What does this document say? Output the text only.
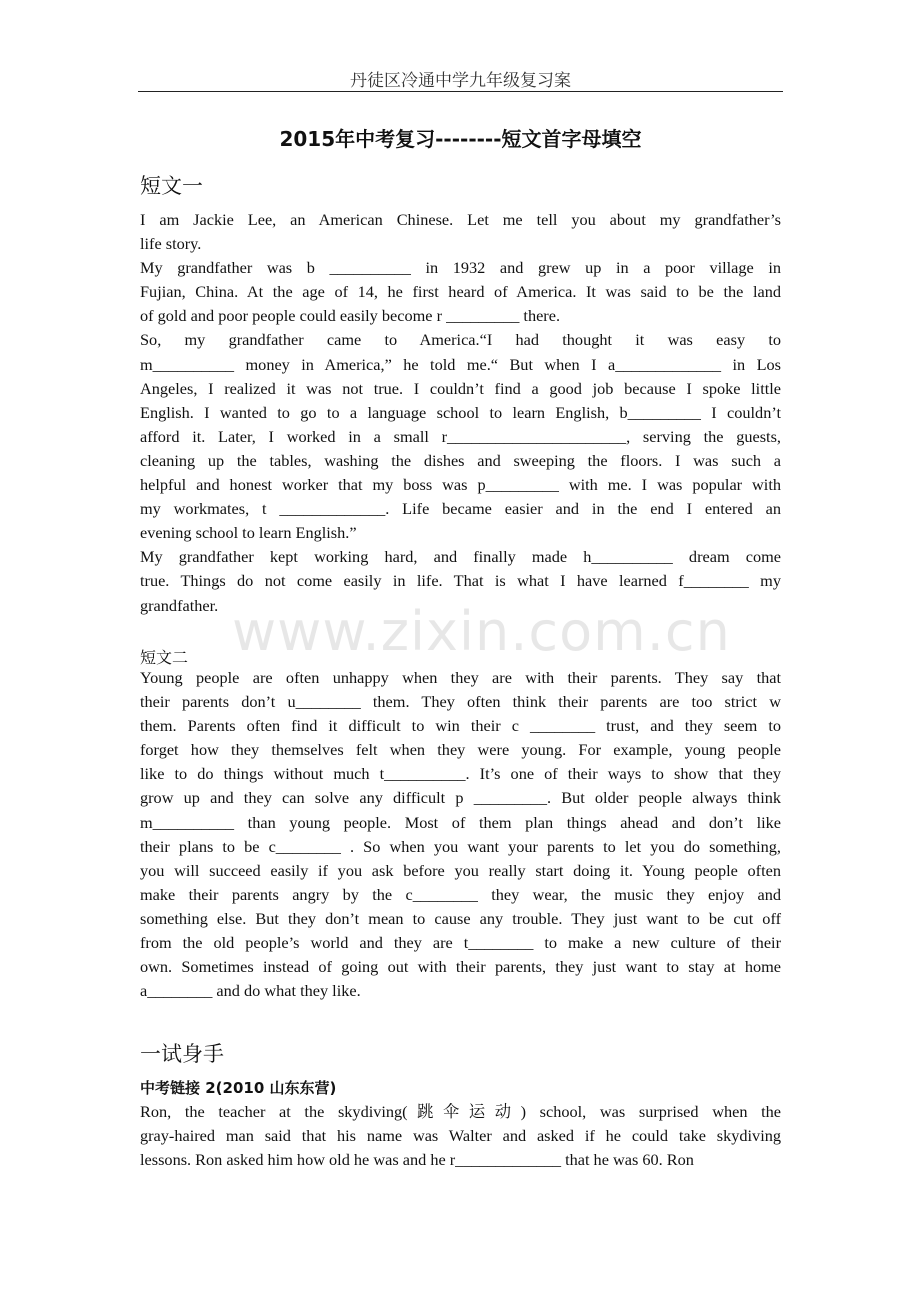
丹徒区冷通中学九年级复习案
2015年中考复习--------短文首字母填空
短文一
I am Jackie Lee, an American Chinese. Let me tell you about my grandfather’s
life story.
My grandfather was b __________ in 1932 and grew up in a poor village in
Fujian, China. At the age of 14, he first heard of America. It was said to be the land
of gold and poor people could easily become r _________ there.
So, my grandfather came to America.“I had thought it was easy to
m__________ money in America,” he told me.“ But when I a_____________ in Los
Angeles, I realized it was not true. I couldn’t find a good job because I spoke little
English. I wanted to go to a language school to learn English, b_________ I couldn’t
afford it. Later, I worked in a small r______________________, serving the guests,
cleaning up the tables, washing the dishes and sweeping the floors. I was such a
helpful and honest worker that my boss was p_________ with me. I was popular with
my workmates, t _____________. Life became easier and in the end I entered an
evening school to learn English.”
My grandfather kept working hard, and finally made h__________ dream come
true. Things do not come easily in life. That is what I have learned f________ my
grandfather. www.zixin.com.cn
短文二
Young people are often unhappy when they are with their parents. They say that
their parents don’t u________ them. They often think their parents are too strict w
them. Parents often find it difficult to win their c ________ trust, and they seem to
forget how they themselves felt when they were young. For example, young people
like to do things without much t__________. It’s one of their ways to show that they
grow up and they can solve any difficult p _________. But older people always think
m__________ than young people. Most of them plan things ahead and don’t like
their plans to be c________ . So when you want your parents to let you do something,
you will succeed easily if you ask before you really start doing it. Young people often
make their parents angry by the c________ they wear, the music they enjoy and
something else. But they don’t mean to cause any trouble. They just want to be cut off
from the old people’s world and they are t________ to make a new culture of their
own. Sometimes instead of going out with their parents, they just want to stay at home
a________ and do what they like.
一试身手
中考链接 2(2010 山东东营)
Ron, the teacher at the skydiving(跳伞运动) school, was surprised when the
gray-haired man said that his name was Walter and asked if he could take skydiving
lessons. Ron asked him how old he was and he r_____________ that he was 60. Ron
